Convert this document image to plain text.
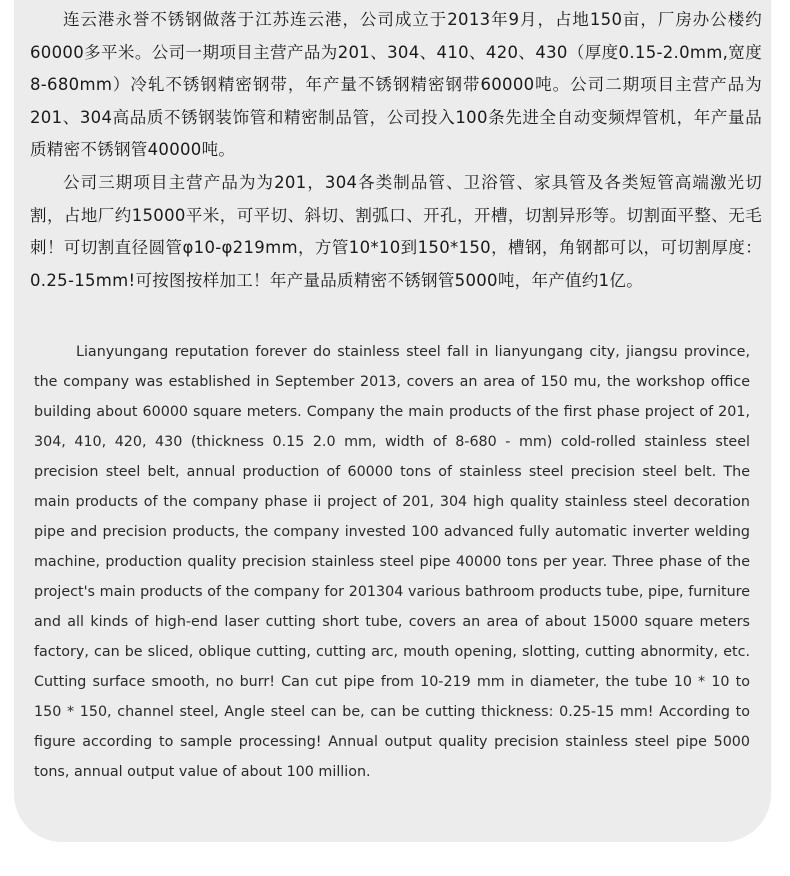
连云港永誉不锈钢做落于江苏连云港，公司成立于2013年9月，占地150亩，厂房办公楼约60000多平米。公司一期项目主营产品为201、304、410、420、430（厚度0.15-2.0mm,宽度8-680mm）冷轧不锈钢精密钢带，年产量不锈钢精密钢带60000吨。公司二期项目主营产品为201、304高品质不锈钢装饰管和精密制品管，公司投入100条先进全自动变频焊管机，年产量品质精密不锈钢管40000吨。

公司三期项目主营产品为为201，304各类制品管、卫浴管、家具管及各类短管高端激光切割，占地厂约15000平米，可平切、斜切、割弧口、开孔，开槽，切割异形等。切割面平整、无毛刺！可切割直径圆管φ10-φ219mm，方管10*10到150*150，槽钢，角钢都可以，可切割厚度：0.25-15mm!可按图按样加工！年产量品质精密不锈钢管5000吨，年产值约1亿。

Lianyungang reputation forever do stainless steel fall in lianyungang city, jiangsu province, the company was established in September 2013, covers an area of 150 mu, the workshop office building about 60000 square meters. Company the main products of the first phase project of 201, 304, 410, 420, 430 (thickness 0.15 2.0 mm, width of 8-680 - mm) cold-rolled stainless steel precision steel belt, annual production of 60000 tons of stainless steel precision steel belt. The main products of the company phase ii project of 201, 304 high quality stainless steel decoration pipe and precision products, the company invested 100 advanced fully automatic inverter welding machine, production quality precision stainless steel pipe 40000 tons per year. Three phase of the project's main products of the company for 201304 various bathroom products tube, pipe, furniture and all kinds of high-end laser cutting short tube, covers an area of about 15000 square meters factory, can be sliced, oblique cutting, cutting arc, mouth opening, slotting, cutting abnormity, etc. Cutting surface smooth, no burr! Can cut pipe from 10-219 mm in diameter, the tube 10 * 10 to 150 * 150, channel steel, Angle steel can be, can be cutting thickness: 0.25-15 mm! According to figure according to sample processing! Annual output quality precision stainless steel pipe 5000 tons, annual output value of about 100 million.
